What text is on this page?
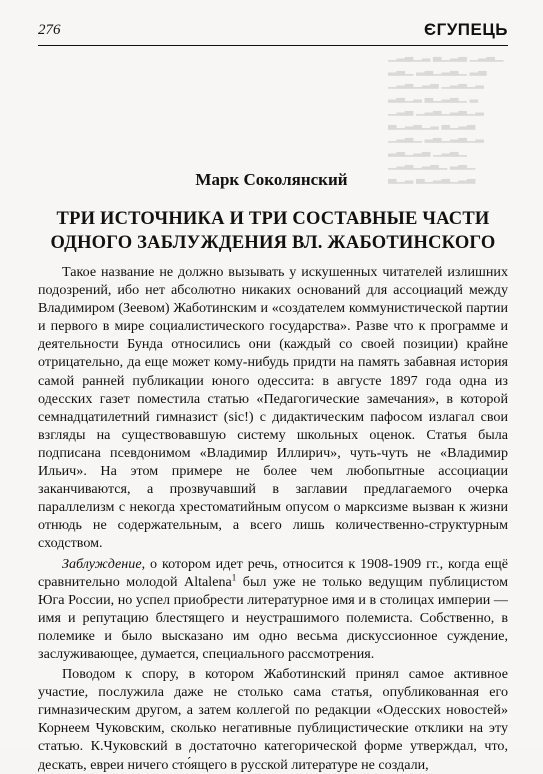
276	ЄГУПЕЦЬ
▁▂▃▁▂ ▃▁▂▃ ▁▂▃▁
▂▃▁ ▂▃▁▂▃▁ ▂▃
▁▂▃▁▂▃ ▁▂▃▁▂
▂▃▁▂ ▃▁▂▃▁ ▂
▁▂▃ ▁▂▃▁▂▃▁▂
▃▁▂▃▁▂ ▃▁▂▃
▁▂▃▁ ▂▃▁▂▃▁▂
▂▃▁▂▃ ▁▂▃▁
▁▂▃▁▂▃▁ ▂▃▁
▃▁▂ ▃▁▂▃▁▂▃
Марк Соколянский
ТРИ ИСТОЧНИКА И ТРИ СОСТАВНЫЕ ЧАСТИ
ОДНОГО ЗАБЛУЖДЕНИЯ ВЛ. ЖАБОТИНСКОГО

Такое название не должно вызывать у искушенных читателей излишних подозрений, ибо нет абсолютно никаких оснований для ассоциаций между Владимиром (Зеевом) Жаботинским и «создателем коммунистической партии и первого в мире социалистического государства». Разве что к программе и деятельности Бунда относились они (каждый со своей позиции) крайне отрицательно, да еще может кому-нибудь придти на память забавная история самой ранней публикации юного одессита: в августе 1897 года одна из одесских газет поместила статью «Педагогические замечания», в которой семнадцатилетний гимназист (sic!) с дидактическим пафосом излагал свои взгляды на существовавшую систему школьных оценок. Статья была подписана псевдонимом «Владимир Иллирич», чуть-чуть не «Владимир Ильич». На этом примере не более чем любопытные ассоциации заканчиваются, а прозвучавший в заглавии предлагаемого очерка параллелизм с некогда хрестоматийным опусом о марксизме вызван к жизни отнюдь не содержательным, а всего лишь количественно-структурным сходством.

Заблуждение, о котором идет речь, относится к 1908-1909 гг., когда ещё сравнительно молодой Altalena$^1$ был уже не только ведущим публицистом Юга России, но успел приобрести литературное имя и в столицах империи — имя и репутацию блестящего и неустрашимого полемиста. Собственно, в полемике и было высказано им одно весьма дискуссионное суждение, заслуживающее, думается, специального рассмотрения.

Поводом к спору, в котором Жаботинский принял самое активное участие, послужила даже не столько сама статья, опубликованная его гимназическим другом, а затем коллегой по редакции «Одесских новостей» Корнеем Чуковским, сколько негативные публицистические отклики на эту статью. К.Чуковский в достаточно категорической форме утверждал, что, дескать, евреи ничего сто́ящего в русской литературе не создали,
